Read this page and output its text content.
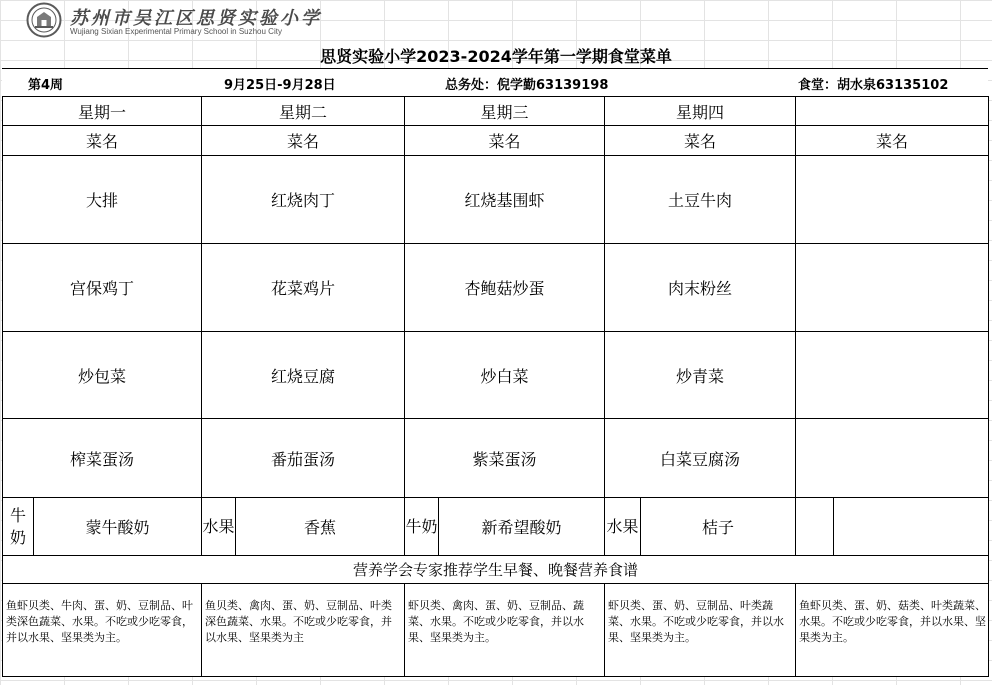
苏州市吴江区思贤实验小学
Wujiang Sixian Experimental Primary School in Suzhou City
思贤实验小学2023-2024学年第一学期食堂菜单
第4周	9月25日-9月28日	总务处：倪学勤63139198	食堂：胡水泉63135102
星期一		星期二		星期三		星期四			
菜名		菜名		菜名		菜名		菜名	
大排		红烧肉丁		红烧基围虾		土豆牛肉			
宫保鸡丁		花菜鸡片		杏鲍菇炒蛋		肉末粉丝			
炒包菜		红烧豆腐		炒白菜		炒青菜			
榨菜蛋汤		番茄蛋汤		紫菜蛋汤		白菜豆腐汤			
牛奶	蒙牛酸奶	水果	香蕉	牛奶	新希望酸奶	水果	桔子		
营养学会专家推荐学生早餐、晚餐营养食谱									
鱼虾贝类、牛肉、蛋、奶、豆制品、叶类深色蔬菜、水果。不吃或少吃零食，并以水果、坚果类为主。		鱼贝类、禽肉、蛋、奶、豆制品、叶类深色蔬菜、水果。不吃或少吃零食，并以水果、坚果类为主		虾贝类、禽肉、蛋、奶、豆制品、蔬菜、水果。不吃或少吃零食，并以水果、坚果类为主。		虾贝类、蛋、奶、豆制品、叶类蔬菜、水果。不吃或少吃零食，并以水果、坚果类为主。		鱼虾贝类、蛋、奶、菇类、叶类蔬菜、水果。不吃或少吃零食，并以水果、坚果类为主。	
